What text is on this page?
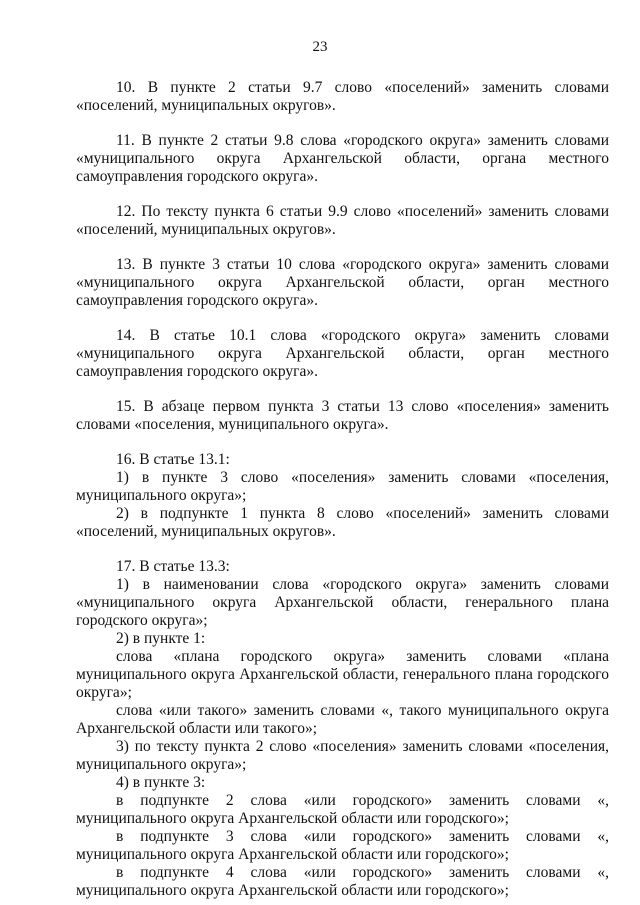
23

10. В пункте 2 статьи 9.7 слово «поселений» заменить словами «поселений, муниципальных округов».

11. В пункте 2 статьи 9.8 слова «городского округа» заменить словами «муниципального округа Архангельской области, органа местного самоуправления городского округа».

12. По тексту пункта 6 статьи 9.9 слово «поселений» заменить словами «поселений, муниципальных округов».

13. В пункте 3 статьи 10 слова «городского округа» заменить словами «муниципального округа Архангельской области, орган местного самоуправления городского округа».

14. В статье 10.1 слова «городского округа» заменить словами «муниципального округа Архангельской области, орган местного самоуправления городского округа».

15. В абзаце первом пункта 3 статьи 13 слово «поселения» заменить словами «поселения, муниципального округа».

16. В статье 13.1:

1) в пункте 3 слово «поселения» заменить словами «поселения, муниципального округа»;

2) в подпункте 1 пункта 8 слово «поселений» заменить словами «поселений, муниципальных округов».

17. В статье 13.3:

1) в наименовании слова «городского округа» заменить словами «муниципального округа Архангельской области, генерального плана городского округа»;

2) в пункте 1:

слова «плана городского округа» заменить словами «плана муниципального округа Архангельской области, генерального плана городского округа»;

слова «или такого» заменить словами «, такого муниципального округа Архангельской области или такого»;

3) по тексту пункта 2 слово «поселения» заменить словами «поселения, муниципального округа»;

4) в пункте 3:

в подпункте 2 слова «или городского» заменить словами «, муниципального округа Архангельской области или городского»;

в подпункте 3 слова «или городского» заменить словами «, муниципального округа Архангельской области или городского»;

в подпункте 4 слова «или городского» заменить словами «, муниципального округа Архангельской области или городского»;
